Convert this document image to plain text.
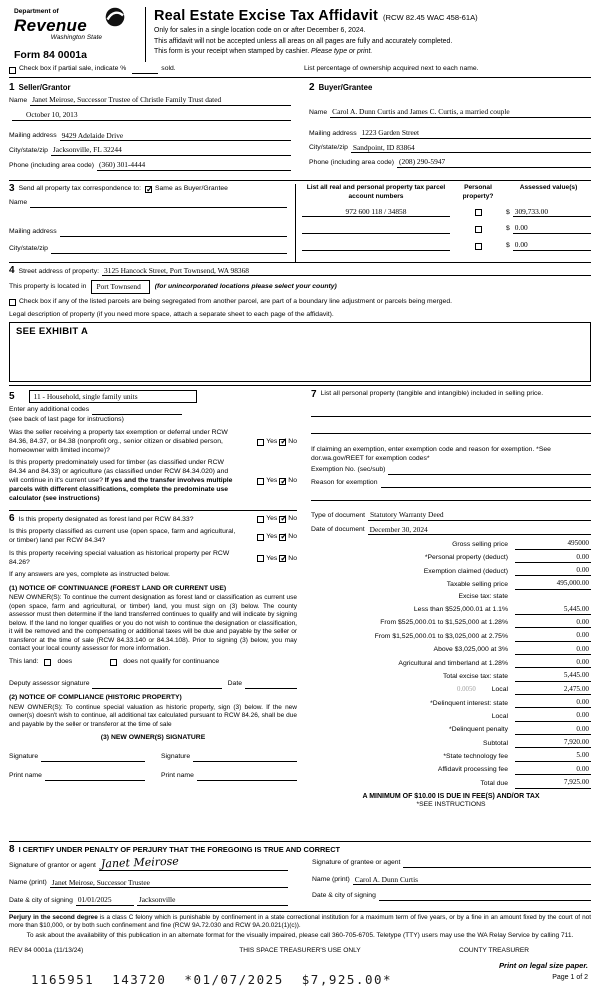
Department of
Revenue
Washington State
Form 84 0001a
Real Estate Excise Tax Affidavit (RCW 82.45 WAC 458-61A)

Only for sales in a single location code on or after December 6, 2024.

This affidavit will not be accepted unless all areas on all pages are fully and accurately completed.

This form is your receipt when stamped by cashier. Please type or print.

Check box if partial sale, indicate %	sold.	List percentage of ownership acquired next to each name.
1 Seller/Grantor
Name Janet Meirose, Successor Trustee of Christle Family Trust dated
October 10, 2013
Mailing address 9429 Adelaide Drive
City/state/zip Jacksonville, FL 32244
Phone (including area code) (360) 301-4444
2 Buyer/Grantee
Name Carol A. Dunn Curtis and James C. Curtis, a married couple
Mailing address 1223 Garden Street
City/state/zip Sandpoint, ID 83864
Phone (including area code) (208) 290-5947
3 Send all property tax correspondence to: ✓ Same as Buyer/Grantee
Name
Mailing address
City/state/zip
List all real and personal property tax parcel account numbers
Personal property?
Assessed value(s)
972 600 118 / 34858	$ 309,733.00
$ 0.00
$ 0.00
4 Street address of property: 3125 Hancock Street, Port Townsend, WA 98368
This property is located in Port Townsend (for unincorporated locations please select your county)
Check box if any of the listed parcels are being segregated from another parcel, are part of a boundary line adjustment or parcels being merged.
Legal description of property (if you need more space, attach a separate sheet to each page of the affidavit).
SEE EXHIBIT A
5	11 - Household, single family units
Enter any additional codes
(see back of last page for instructions)
Was the seller receiving a property tax exemption or deferral under RCW 84.36, 84.37, or 84.38 (nonprofit org., senior citizen or disabled person, homeowner with limited income)?
Yes ✓ No
Is this property predominately used for timber (as classified under RCW 84.34 and 84.33) or agriculture (as classified under RCW 84.34.020) and will continue in it's current use? If yes and the transfer involves multiple parcels with different classifications, complete the predominate use calculator (see instructions)
Yes ✓ No
6 Is this property designated as forest land per RCW 84.33?	Yes ✓ No
Is this property classified as current use (open space, farm and agricultural, or timber) land per RCW 84.34?
Yes ✓ No
Is this property receiving special valuation as historical property per RCW 84.26?
Yes ✓ No
If any answers are yes, complete as instructed below.
(1) NOTICE OF CONTINUANCE (FOREST LAND OR CURRENT USE)
NEW OWNER(S): To continue the current designation as forest land or classification as current use (open space, farm and agricultural, or timber) land, you must sign on (3) below. The county assessor must then determine if the land transferred continues to qualify and will indicate by signing below. If the land no longer qualifies or you do not wish to continue the designation or classification, it will be removed and the compensating or additional taxes will be due and payable by the seller or transferor at the time of sale (RCW 84.33.140 or 84.34.108). Prior to signing (3) below, you may contact your local county assessor for more information.
This land:	does	does not qualify for continuance
Deputy assessor signature	Date
(2) NOTICE OF COMPLIANCE (HISTORIC PROPERTY)
NEW OWNER(S): To continue special valuation as historic property, sign (3) below. If the new owner(s) doesn't wish to continue, all additional tax calculated pursuant to RCW 84.26, shall be due and payable by the seller or transferor at the time of sale
(3) NEW OWNER(S) SIGNATURE
Signature	Signature
Print name	Print name
7 List all personal property (tangible and intangible) included in selling price.
If claiming an exemption, enter exemption code and reason for exemption. *See dor.wa.gov/REET for exemption codes*
Exemption No. (sec/sub)
Reason for exemption
Type of document Statutory Warranty Deed
Date of document December 30, 2024
Gross selling price	495000
*Personal property (deduct)	0.00
Exemption claimed (deduct)	0.00
Taxable selling price	495,000.00
Excise tax: state
Less than $525,000.01 at 1.1%	5,445.00
From $525,000.01 to $1,525,000 at 1.28%	0.00
From $1,525,000.01 to $3,025,000 at 2.75%	0.00
Above $3,025,000 at 3%	0.00
Agricultural and timberland at 1.28%	0.00
Total excise tax: state	5,445.00
0.0050 Local	2,475.00
*Delinquent interest: state	0.00
Local	0.00
*Delinquent penalty	0.00
Subtotal	7,920.00
*State technology fee	5.00
Affidavit processing fee	0.00
Total due	7,925.00
A MINIMUM OF $10.00 IS DUE IN FEE(S) AND/OR TAX
*SEE INSTRUCTIONS
8 I CERTIFY UNDER PENALTY OF PERJURY THAT THE FOREGOING IS TRUE AND CORRECT
Signature of grantor or agent Janet Meirose
Name (print) Janet Meirose, Successor Trustee
Date & city of signing 01/01/2025	Jacksonville
Signature of grantee or agent
Name (print) Carol A. Dunn Curtis
Date & city of signing
Perjury in the second degree is a class C felony which is punishable by confinement in a state correctional institution for a maximum term of five years, or by a fine in an amount fixed by the court of not more than $10,000, or by both such confinement and fine (RCW 9A.72.030 and RCW 9A.20.021(1)(c)).
To ask about the availability of this publication in an alternate format for the visually impaired, please call 360-705-6705. Teletype (TTY) users may use the WA Relay Service by calling 711.
REV 84 0001a (11/13/24)	THIS SPACE TREASURER'S USE ONLY	COUNTY TREASURER
1165951  143720  *01/07/2025  $7,925.00*
Print on legal size paper.
Page 1 of 2
